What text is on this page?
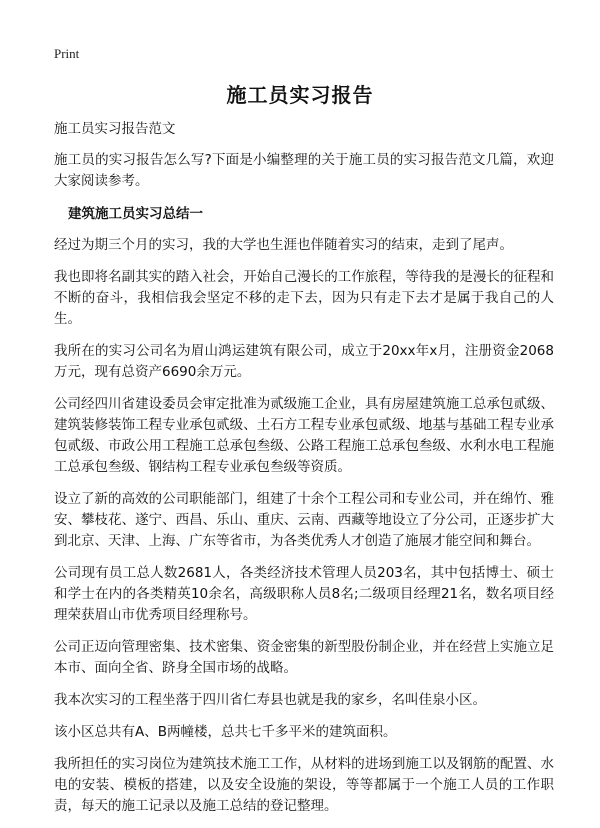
Print
施工员实习报告

施工员实习报告范文

施工员的实习报告怎么写?下面是小编整理的关于施工员的实习报告范文几篇，欢迎大家阅读参考。

建筑施工员实习总结一

经过为期三个月的实习，我的大学也生涯也伴随着实习的结束，走到了尾声。

我也即将名副其实的踏入社会，开始自己漫长的工作旅程，等待我的是漫长的征程和不断的奋斗，我相信我会坚定不移的走下去，因为只有走下去才是属于我自己的人生。

我所在的实习公司名为眉山鸿运建筑有限公司，成立于20xx年x月，注册资金2068万元，现有总资产6690余万元。

公司经四川省建设委员会审定批准为贰级施工企业，具有房屋建筑施工总承包贰级、建筑装修装饰工程专业承包贰级、土石方工程专业承包贰级、地基与基础工程专业承包贰级、市政公用工程施工总承包叁级、公路工程施工总承包叁级、水利水电工程施工总承包叁级、钢结构工程专业承包叁级等资质。

设立了新的高效的公司职能部门，组建了十余个工程公司和专业公司，并在绵竹、雅安、攀枝花、遂宁、西昌、乐山、重庆、云南、西藏等地设立了分公司，正逐步扩大到北京、天津、上海、广东等省市，为各类优秀人才创造了施展才能空间和舞台。

公司现有员工总人数2681人，各类经济技术管理人员203名，其中包括博士、硕士和学士在内的各类精英10余名，高级职称人员8名;二级项目经理21名，数名项目经理荣获眉山市优秀项目经理称号。

公司正迈向管理密集、技术密集、资金密集的新型股份制企业，并在经营上实施立足本市、面向全省、跻身全国市场的战略。

我本次实习的工程坐落于四川省仁寿县也就是我的家乡，名叫佳泉小区。

该小区总共有A、B两幢楼，总共七千多平米的建筑面积。

我所担任的实习岗位为建筑技术施工工作，从材料的进场到施工以及钢筋的配置、水电的安装、模板的搭建，以及安全设施的架设，等等都属于一个施工人员的工作职责，每天的施工记录以及施工总结的登记整理。
